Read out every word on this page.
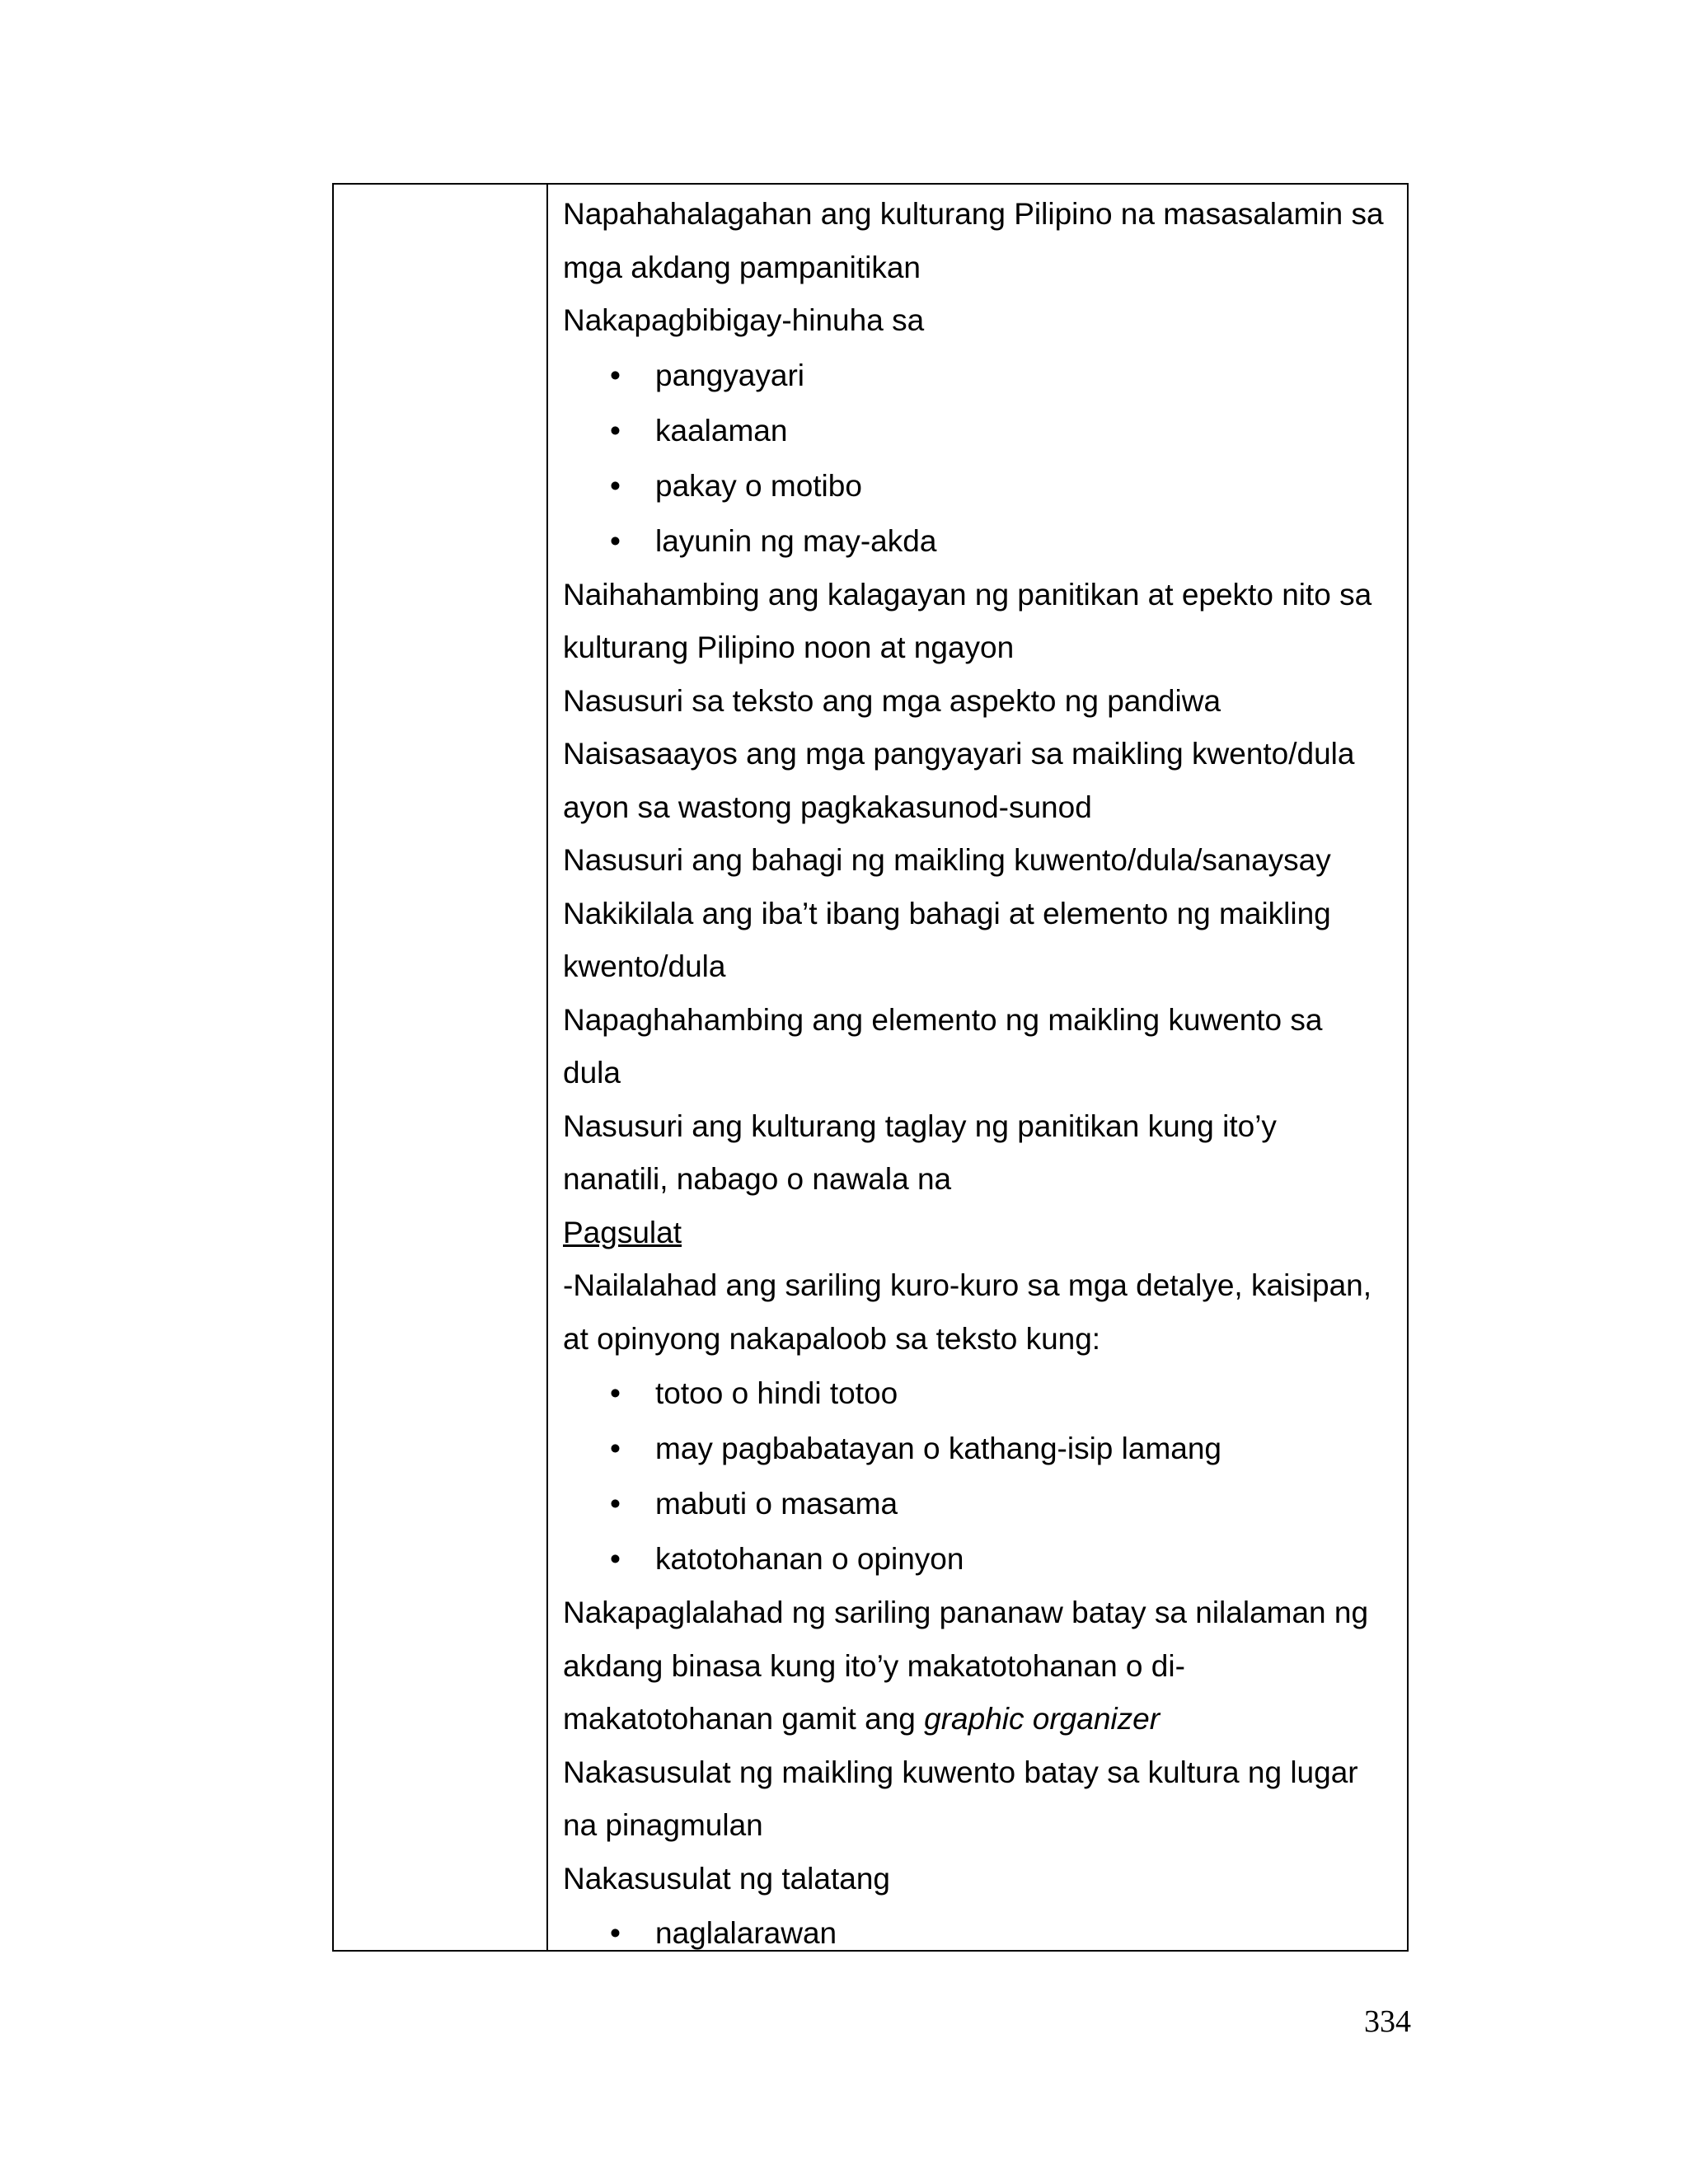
Napahahalagahan ang kulturang Pilipino na masasalamin sa
mga akdang pampanitikan
Nakapagbibigay-hinuha sa
• pangyayari
• kaalaman
• pakay o motibo
• layunin ng may-akda
Naihahambing ang kalagayan ng panitikan at epekto nito sa
kulturang Pilipino noon at ngayon
Nasusuri sa teksto ang mga aspekto ng pandiwa
Naisasaayos ang mga pangyayari sa maikling kwento/dula
ayon sa wastong pagkakasunod-sunod
Nasusuri ang bahagi ng maikling kuwento/dula/sanaysay
Nakikilala ang iba’t ibang bahagi at elemento ng maikling
kwento/dula
Napaghahambing ang elemento ng maikling kuwento sa
dula
Nasusuri ang kulturang taglay ng panitikan kung ito’y
nanatili, nabago o nawala na
Pagsulat
-Nailalahad ang sariling kuro-kuro sa mga detalye, kaisipan,
at opinyong nakapaloob sa teksto kung:
• totoo o hindi totoo
• may pagbabatayan o kathang-isip lamang
• mabuti o masama
• katotohanan o opinyon
Nakapaglalahad ng sariling pananaw batay sa nilalaman ng
akdang binasa kung ito’y makatotohanan o di-
makatotohanan gamit ang graphic organizer
Nakasusulat ng maikling kuwento batay sa kultura ng lugar
na pinagmulan
Nakasusulat ng talatang
• naglalarawan
334
